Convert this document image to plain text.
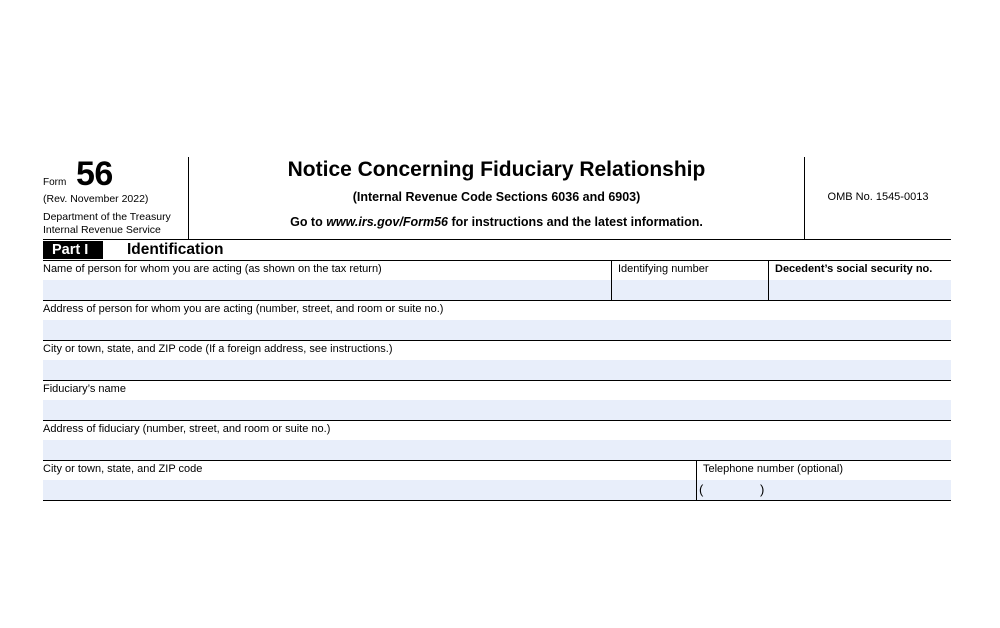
Form 56
(Rev. November 2022)
Department of the Treasury
Internal Revenue Service
Notice Concerning Fiduciary Relationship
(Internal Revenue Code Sections 6036 and 6903)
Go to www.irs.gov/Form56 for instructions and the latest information.
OMB No. 1545-0013
Part I	Identification
Name of person for whom you are acting (as shown on the tax return)	Identifying number	Decedent’s social security no.
Address of person for whom you are acting (number, street, and room or suite no.)
City or town, state, and ZIP code (If a foreign address, see instructions.)
Fiduciary’s name
Address of fiduciary (number, street, and room or suite no.)
City or town, state, and ZIP code	Telephone number (optional)
(	)
